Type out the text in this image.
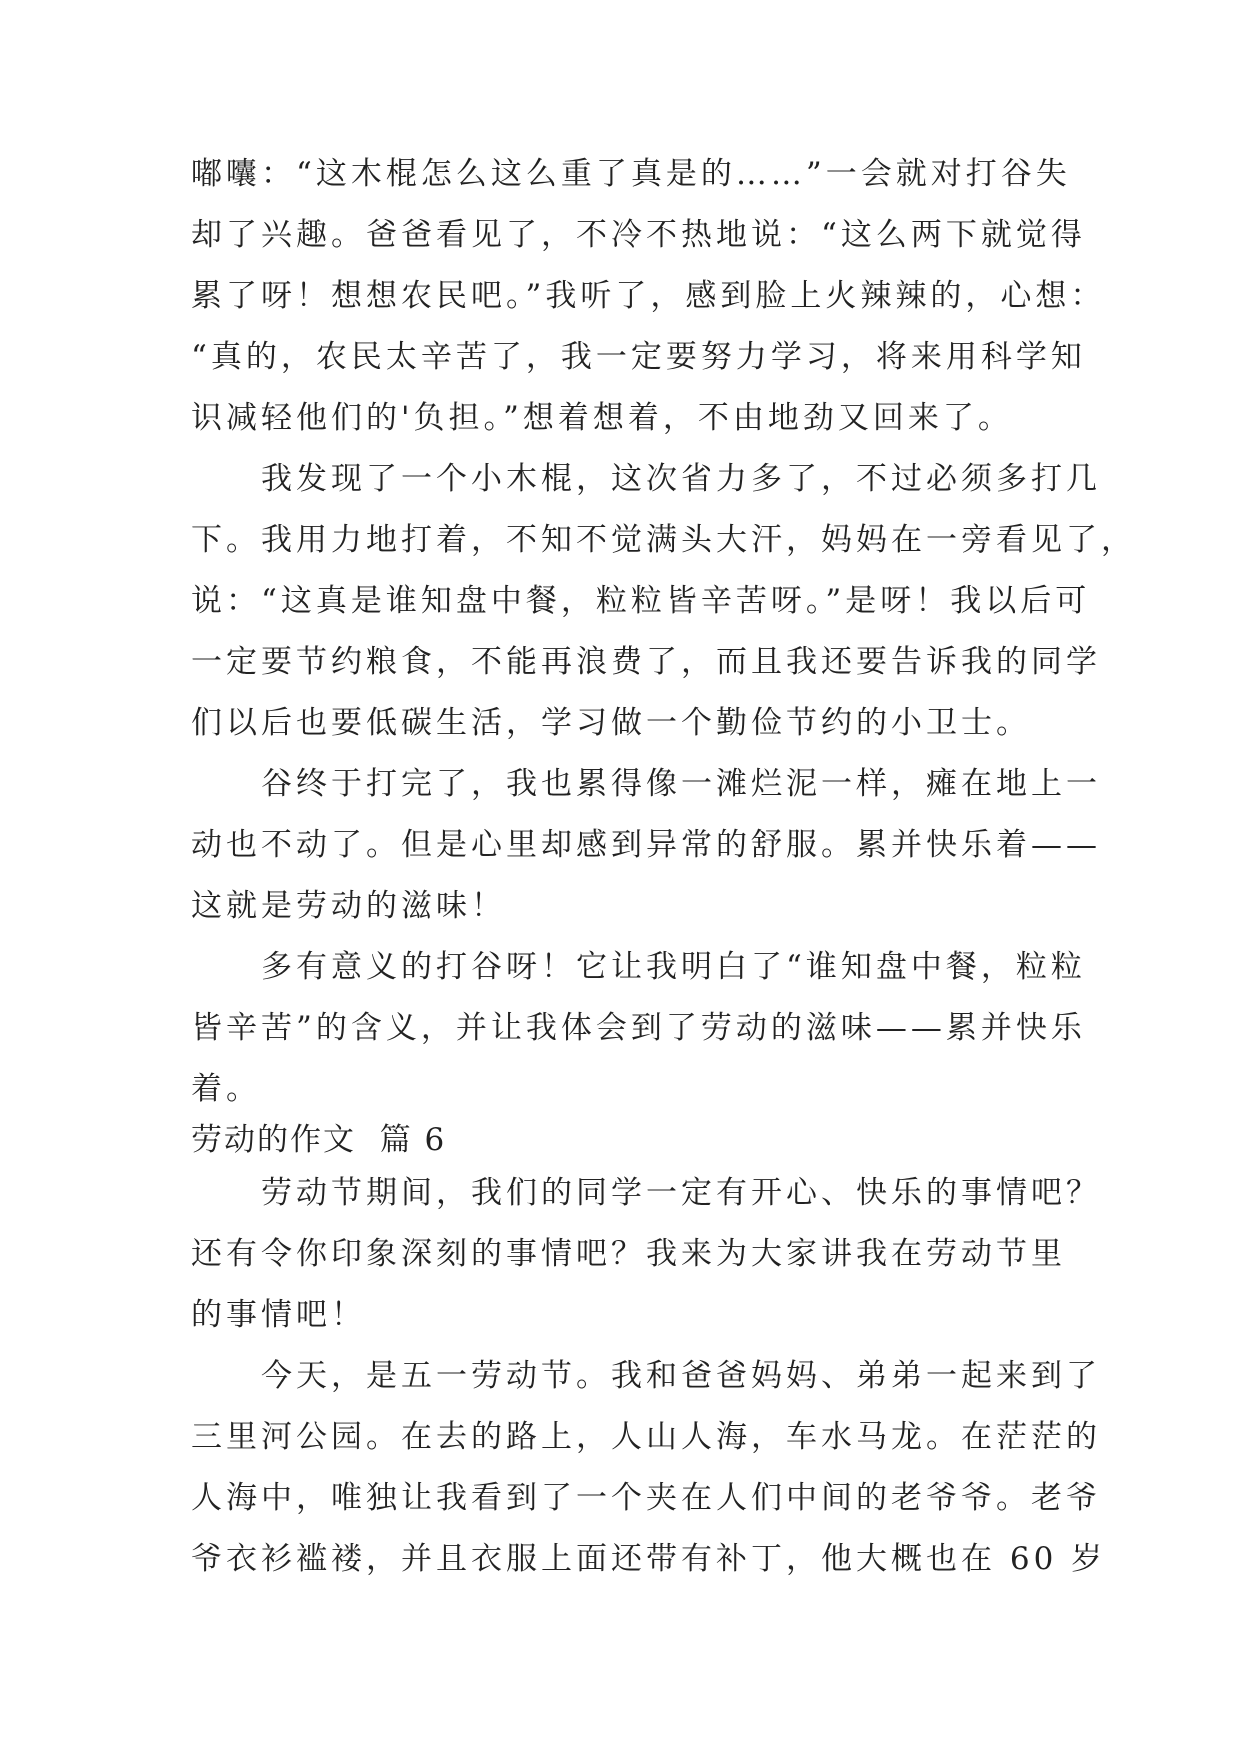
嘟囔：“这木棍怎么这么重了真是的……”一会就对打谷失
却了兴趣。爸爸看见了，不冷不热地说：“这么两下就觉得
累了呀！想想农民吧。”我听了，感到脸上火辣辣的，心想：
“真的，农民太辛苦了，我一定要努力学习，将来用科学知
识减轻他们的'负担。”想着想着，不由地劲又回来了。
　　我发现了一个小木棍，这次省力多了，不过必须多打几
下。我用力地打着，不知不觉满头大汗，妈妈在一旁看见了，
说：“这真是谁知盘中餐，粒粒皆辛苦呀。”是呀！我以后可
一定要节约粮食，不能再浪费了，而且我还要告诉我的同学
们以后也要低碳生活，学习做一个勤俭节约的小卫士。
　　谷终于打完了，我也累得像一滩烂泥一样，瘫在地上一
动也不动了。但是心里却感到异常的舒服。累并快乐着——
这就是劳动的滋味！
　　多有意义的打谷呀！它让我明白了“谁知盘中餐，粒粒
皆辛苦”的含义，并让我体会到了劳动的滋味——累并快乐
着。
劳动的作文  篇 6
　　劳动节期间，我们的同学一定有开心、快乐的事情吧？
还有令你印象深刻的事情吧？我来为大家讲我在劳动节里
的事情吧！
　　今天，是五一劳动节。我和爸爸妈妈、弟弟一起来到了
三里河公园。在去的路上，人山人海，车水马龙。在茫茫的
人海中，唯独让我看到了一个夹在人们中间的老爷爷。老爷
爷衣衫褴褛，并且衣服上面还带有补丁，他大概也在 60 岁
